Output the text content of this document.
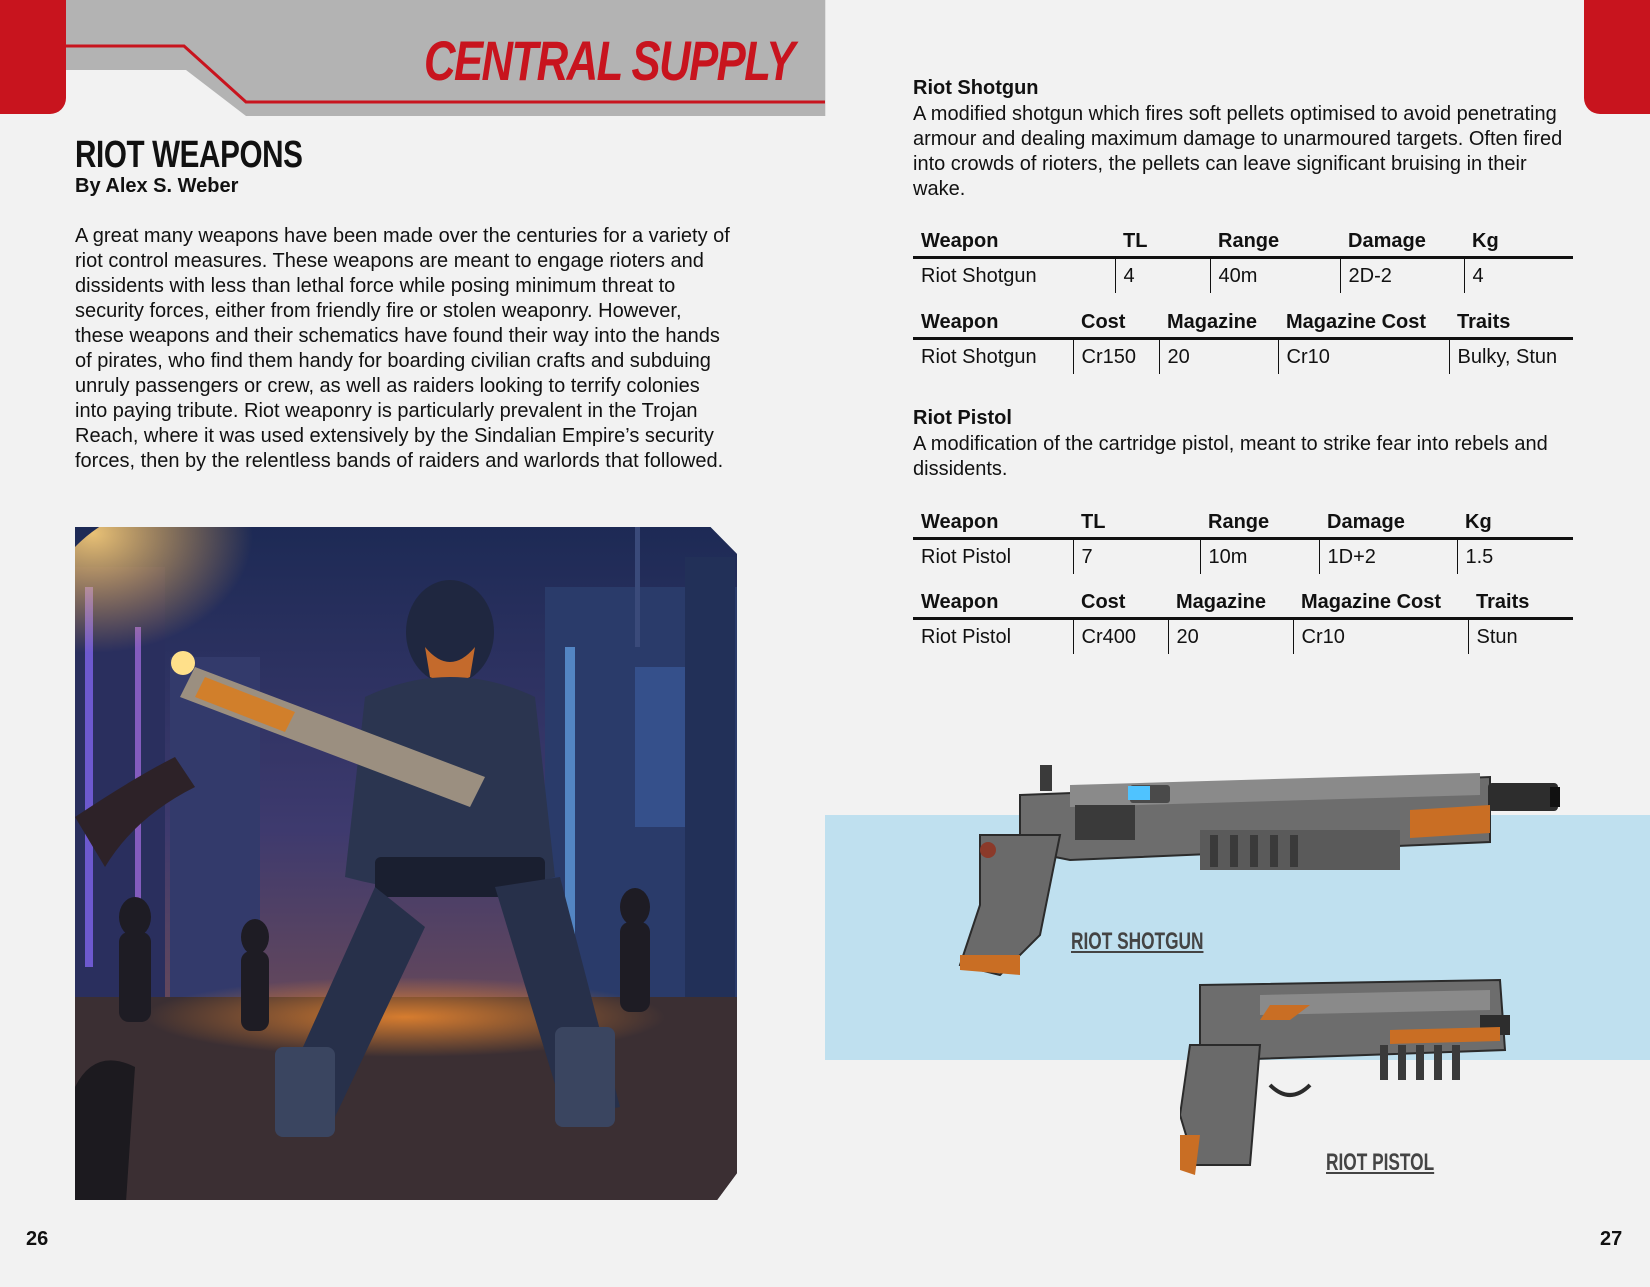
CENTRAL SUPPLY
RIOT WEAPONS
By Alex S. Weber
A great many weapons have been made over the centuries for a variety of riot control measures. These weapons are meant to engage rioters and dissidents with less than lethal force while posing minimum threat to security forces, either from friendly fire or stolen weaponry. However, these weapons and their schematics have found their way into the hands of pirates, who find them handy for boarding civilian crafts and subduing unruly passengers or crew, as well as raiders looking to terrify colonies into paying tribute. Riot weaponry is particularly prevalent in the Trojan Reach, where it was used extensively by the Sindalian Empire’s security forces, then by the relentless bands of raiders and warlords that followed.
26
Riot Shotgun
A modified shotgun which fires soft pellets optimised to avoid penetrating armour and dealing maximum damage to unarmoured targets. Often fired into crowds of rioters, the pellets can leave significant bruising in their wake.
Weapon	TL	Range	Damage	Kg
Riot Shotgun	4	40m	2D-2	4
Weapon	Cost	Magazine	Magazine Cost	Traits
Riot Shotgun	Cr150	20	Cr10	Bulky, Stun
Riot Pistol
A modification of the cartridge pistol, meant to strike fear into rebels and dissidents.
Weapon	TL	Range	Damage	Kg
Riot Pistol	7	10m	1D+2	1.5
Weapon	Cost	Magazine	Magazine Cost	Traits
Riot Pistol	Cr400	20	Cr10	Stun
RIOT SHOTGUN
RIOT PISTOL
27
